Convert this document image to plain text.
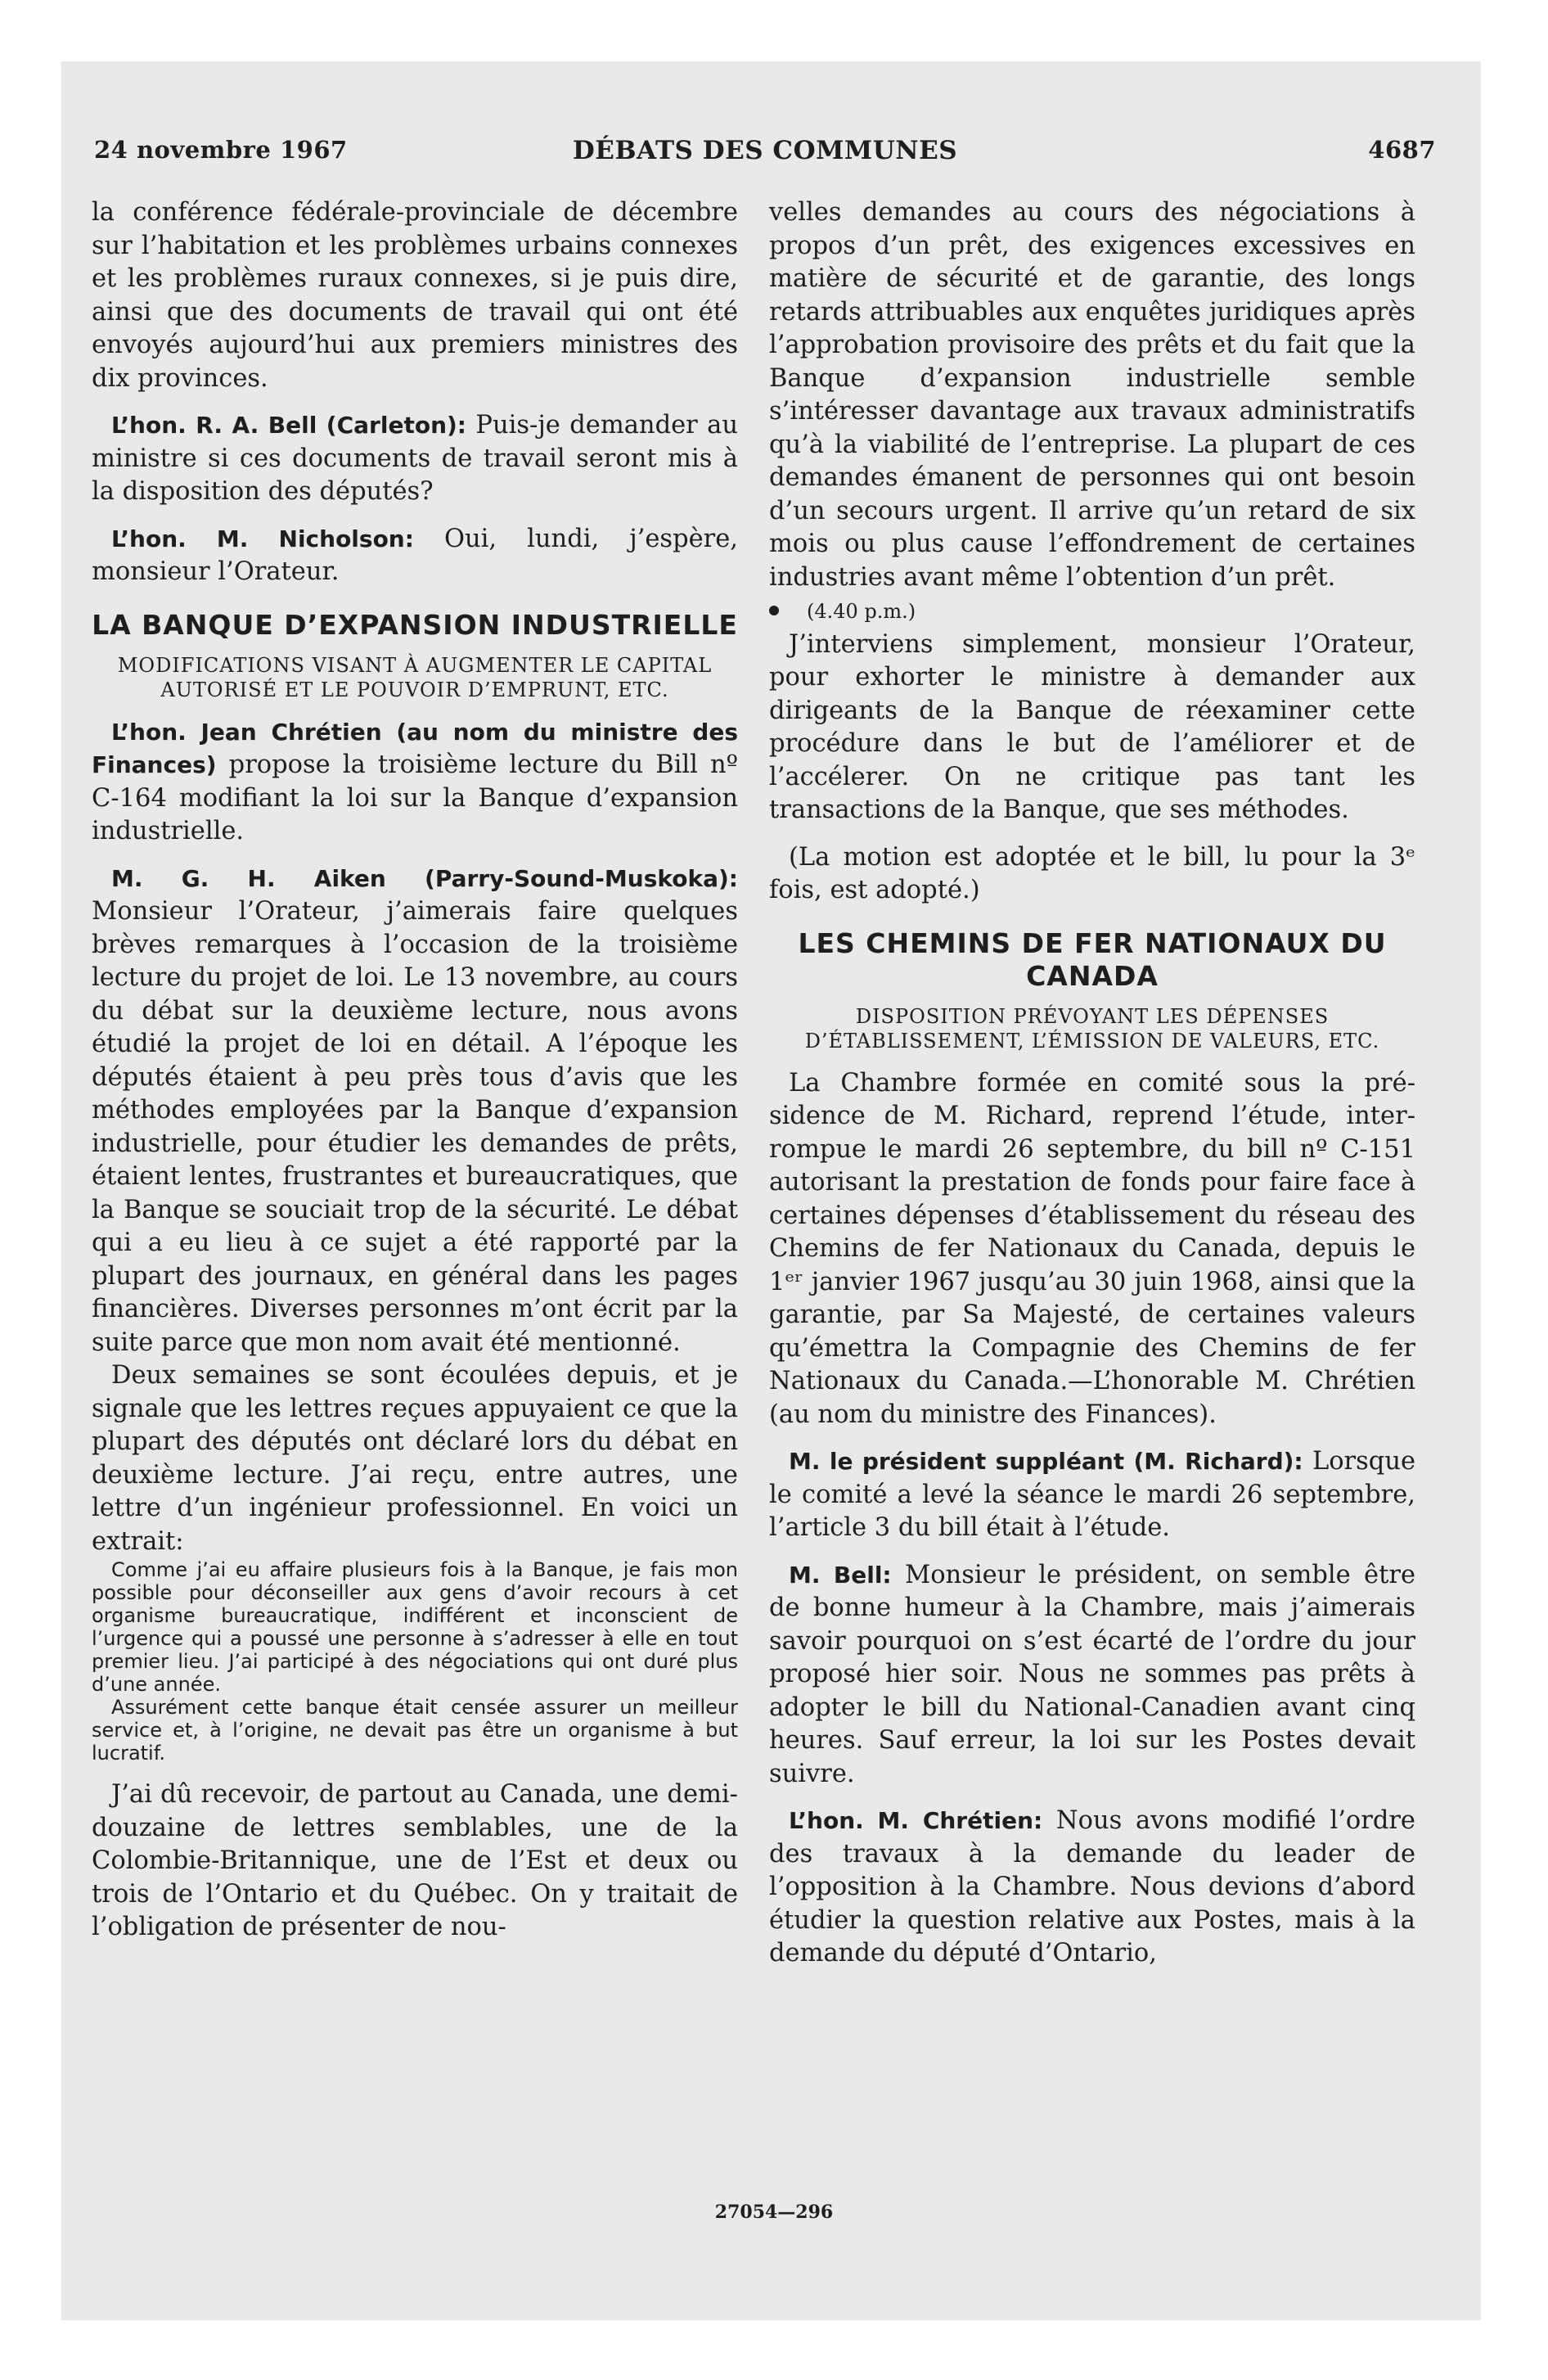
24 novembre 1967	DÉBATS DES COMMUNES	4687

la conférence fédérale-provinciale de décembre sur l’habitation et les problèmes urbains connexes et les problèmes ruraux connexes, si je puis dire, ainsi que des documents de travail qui ont été envoyés aujourd’hui aux premiers ministres des dix provinces.

L’hon. R. A. Bell (Carleton): Puis-je demander au ministre si ces documents de travail seront mis à la disposition des députés?

L’hon. M. Nicholson: Oui, lundi, j’espère, monsieur l’Orateur.

LA BANQUE D’EXPANSION INDUSTRIELLE
MODIFICATIONS VISANT À AUGMENTER LE CAPITAL AUTORISÉ ET LE POUVOIR D’EMPRUNT, ETC.

L’hon. Jean Chrétien (au nom du ministre des Finances) propose la troisième lecture du Bill nº C-164 modifiant la loi sur la Banque d’expansion industrielle.

M. G. H. Aiken (Parry-Sound-Muskoka): Monsieur l’Orateur, j’aimerais faire quelques brèves remarques à l’occasion de la troisième lecture du projet de loi. Le 13 novembre, au cours du débat sur la deuxième lecture, nous avons étudié la projet de loi en détail. A l’époque les députés étaient à peu près tous d’avis que les méthodes employées par la Banque d’expansion industrielle, pour étudier les demandes de prêts, étaient lentes, frustrantes et bureaucratiques, que la Banque se souciait trop de la sécurité. Le débat qui a eu lieu à ce sujet a été rapporté par la plupart des journaux, en général dans les pages financières. Diverses personnes m’ont écrit par la suite parce que mon nom avait été mentionné.

Deux semaines se sont écoulées depuis, et je signale que les lettres reçues appuyaient ce que la plupart des députés ont déclaré lors du débat en deuxième lecture. J’ai reçu, entre autres, une lettre d’un ingénieur professionnel. En voici un extrait:

Comme j’ai eu affaire plusieurs fois à la Banque, je fais mon possible pour déconseiller aux gens d’avoir recours à cet organisme bureaucratique, indifférent et inconscient de l’urgence qui a poussé une personne à s’adresser à elle en tout premier lieu. J’ai participé à des négociations qui ont duré plus d’une année.

Assurément cette banque était censée assurer un meilleur service et, à l’origine, ne devait pas être un organisme à but lucratif.

J’ai dû recevoir, de partout au Canada, une demi-douzaine de lettres semblables, une de la Colombie-Britannique, une de l’Est et deux ou trois de l’Ontario et du Québec. On y traitait de l’obligation de présenter de nou-

velles demandes au cours des négociations à propos d’un prêt, des exigences excessives en matière de sécurité et de garantie, des longs retards attribuables aux enquêtes juridiques après l’approbation provisoire des prêts et du fait que la Banque d’expansion industrielle semble s’intéresser davantage aux travaux administratifs qu’à la viabilité de l’entreprise. La plupart de ces demandes émanent de personnes qui ont besoin d’un secours urgent. Il arrive qu’un retard de six mois ou plus cause l’effondrement de certaines industries avant même l’obtention d’un prêt.

(4.40 p.m.)

J’interviens simplement, monsieur l’Orateur, pour exhorter le ministre à demander aux dirigeants de la Banque de réexaminer cette procédure dans le but de l’améliorer et de l’accélerer. On ne critique pas tant les transactions de la Banque, que ses méthodes.

(La motion est adoptée et le bill, lu pour la 3ᵉ fois, est adopté.)

LES CHEMINS DE FER NATIONAUX DU CANADA
DISPOSITION PRÉVOYANT LES DÉPENSES D’ÉTABLISSEMENT, L’ÉMISSION DE VALEURS, ETC.

La Chambre formée en comité sous la présidence de M. Richard, reprend l’étude, interrompue le mardi 26 septembre, du bill nº C-151 autorisant la prestation de fonds pour faire face à certaines dépenses d’établissement du réseau des Chemins de fer Nationaux du Canada, depuis le 1ᵉʳ janvier 1967 jusqu’au 30 juin 1968, ainsi que la garantie, par Sa Majesté, de certaines valeurs qu’émettra la Compagnie des Chemins de fer Nationaux du Canada.—L’honorable M. Chrétien (au nom du ministre des Finances).

M. le président suppléant (M. Richard): Lorsque le comité a levé la séance le mardi 26 septembre, l’article 3 du bill était à l’étude.

M. Bell: Monsieur le président, on semble être de bonne humeur à la Chambre, mais j’aimerais savoir pourquoi on s’est écarté de l’ordre du jour proposé hier soir. Nous ne sommes pas prêts à adopter le bill du National-Canadien avant cinq heures. Sauf erreur, la loi sur les Postes devait suivre.

L’hon. M. Chrétien: Nous avons modifié l’ordre des travaux à la demande du leader de l’opposition à la Chambre. Nous devions d’abord étudier la question relative aux Postes, mais à la demande du député d’Ontario,

27054—296
